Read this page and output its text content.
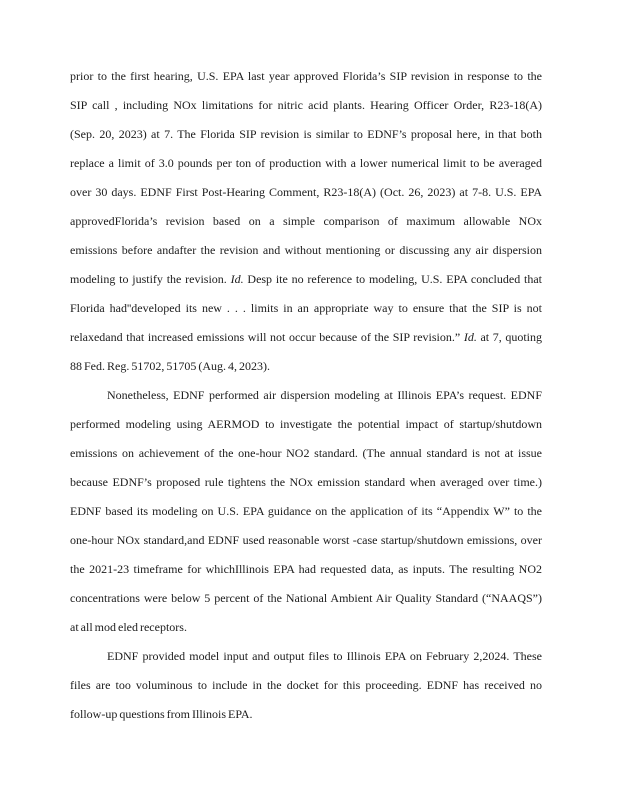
prior to the first hearing, U.S. EPA last year approved Florida’s SIP revision in response to the
SIP call , including NOx limitations for nitric acid plants. Hearing Officer Order, R23-18(A)
(Sep. 20, 2023) at 7. The Florida SIP revision is similar to EDNF’s proposal here, in that both
replace a limit of 3.0 pounds per ton of production with a lower numerical limit to be averaged
over 30 days. EDNF First Post-Hearing Comment, R23-18(A) (Oct. 26, 2023) at 7-8. U.S. EPA
approvedFlorida’s revision based on a simple comparison of maximum allowable NOx
emissions before andafter the revision and without mentioning or discussing any air dispersion
modeling to justify the revision. Id. Desp ite no reference to modeling, U.S. EPA concluded that
Florida had''developed its new . . . limits in an appropriate way to ensure that the SIP is not
relaxedand that increased emissions will not occur because of the SIP revision.” Id. at 7, quoting
88 Fed. Reg. 51702, 51705 (Aug. 4, 2023).
Nonetheless, EDNF performed air dispersion modeling at Illinois EPA’s request. EDNF
performed modeling using AERMOD to investigate the potential impact of startup/shutdown
emissions on achievement of the one-hour NO2 standard. (The annual standard is not at issue
because EDNF’s proposed rule tightens the NOx emission standard when averaged over time.)
EDNF based its modeling on U.S. EPA guidance on the application of its “Appendix W” to the
one-hour NOx standard,and EDNF used reasonable worst -case startup/shutdown emissions, over
the 2021-23 timeframe for whichIllinois EPA had requested data, as inputs. The resulting NO2
concentrations were below 5 percent of the National Ambient Air Quality Standard (“NAAQS”)
at all mod eled receptors.
EDNF provided model input and output files to Illinois EPA on February 2,2024. These
files are too voluminous to include in the docket for this proceeding. EDNF has received no
follow-up questions from Illinois EPA.
